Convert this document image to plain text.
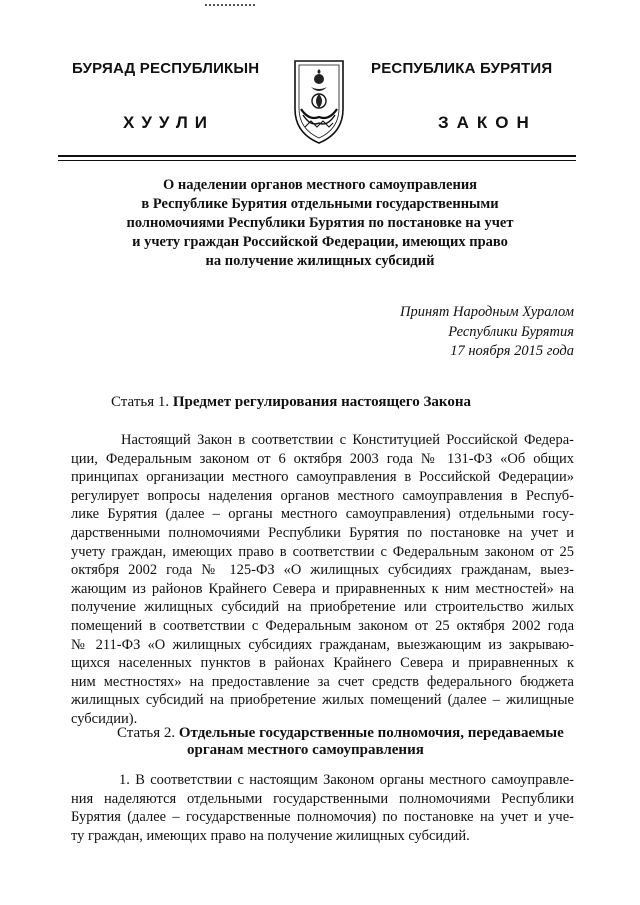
БУРЯАД РЕСПУБЛИКЫН
ХУУЛИ
РЕСПУБЛИКА БУРЯТИЯ
ЗАКОН
О наделении органов местного самоуправления
в Республике Бурятия отдельными государственными
полномочиями Республики Бурятия по постановке на учет
и учету граждан Российской Федерации, имеющих право
на получение жилищных субсидий
Принят Народным Хуралом
Республики Бурятия
17 ноября 2015 года
Статья 1. Предмет регулирования настоящего Закона
Настоящий Закон в соответствии с Конституцией Российской Федера-
ции, Федеральным законом от 6 октября 2003 года № 131-ФЗ «Об общих
принципах организации местного самоуправления в Российской Федерации»
регулирует вопросы наделения органов местного самоуправления в Респуб-
лике Бурятия (далее – органы местного самоуправления) отдельными госу-
дарственными полномочиями Республики Бурятия по постановке на учет и
учету граждан, имеющих право в соответствии с Федеральным законом от 25
октября 2002 года № 125-ФЗ «О жилищных субсидиях гражданам, выез-
жающим из районов Крайнего Севера и приравненных к ним местностей» на
получение жилищных субсидий на приобретение или строительство жилых
помещений в соответствии с Федеральным законом от 25 октября 2002 года
№ 211-ФЗ «О жилищных субсидиях гражданам, выезжающим из закрываю-
щихся населенных пунктов в районах Крайнего Севера и приравненных к
ним местностях» на предоставление за счет средств федерального бюджета
жилищных субсидий на приобретение жилых помещений (далее – жилищные
субсидии).
Статья 2. Отдельные государственные полномочия, передаваемые
органам местного самоуправления
1. В соответствии с настоящим Законом органы местного самоуправле-
ния наделяются отдельными государственными полномочиями Республики
Бурятия (далее – государственные полномочия) по постановке на учет и уче-
ту граждан, имеющих право на получение жилищных субсидий.
